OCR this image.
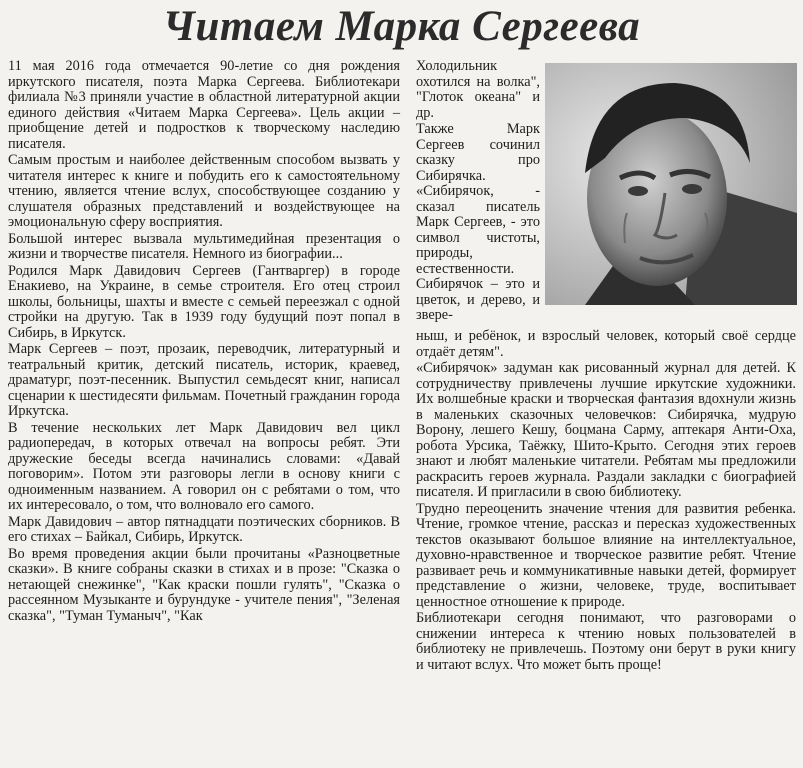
Читаем Марка Сергеева

11 мая 2016 года отмечается 90-летие со дня рождения иркутского писателя, поэта Марка Сергеева. Библиотекари филиала №3 приняли участие в областной литературной акции единого действия «Читаем Марка Сергеева». Цель акции – приобщение детей и подростков к творческому наследию писателя.

Самым простым и наиболее действенным способом вызвать у читателя интерес к книге и побудить его к самостоятельному чтению, является чтение вслух, способствующее созданию у слушателя образных представлений и воздействующее на эмоциональную сферу восприятия.

Большой интерес вызвала мультимедийная презентация о жизни и творчестве писателя. Немного из биографии...

Родился Марк Давидович Сергеев (Гантваргер) в городе Енакиево, на Украине, в семье строителя. Его отец строил школы, больницы, шахты и вместе с семьей переезжал с одной стройки на другую. Так в 1939 году будущий поэт попал в Сибирь, в Иркутск.

Марк Сергеев – поэт, прозаик, переводчик, литературный и театральный критик, детский писатель, историк, краевед, драматург, поэт-песенник. Выпустил семьдесят книг, написал сценарии к шестидесяти фильмам. Почетный гражданин города Иркутска.

В течение нескольких лет Марк Давидович вел цикл радиопередач, в которых отвечал на вопросы ребят. Эти дружеские беседы всегда начинались словами: «Давай поговорим». Потом эти разговоры легли в основу книги с одноименным названием. А говорил он с ребятами о том, что их интересовало, о том, что волновало его самого.

Марк Давидович – автор пятнадцати поэтических сборников. В его стихах – Байкал, Сибирь, Иркутск.

Во время проведения акции были прочитаны «Разноцветные сказки». В книге собраны сказки в стихах и в прозе: "Сказка о нетающей снежинке", "Как краски пошли гулять", "Сказка о рассеянном Музыканте и бурундуке - учителе пения", "Зеленая сказка", "Туман Туманыч", "Как

Холодильник охотился на волка", "Глоток океана" и др.

Также Марк Сергеев сочинил сказку про Сибирячка. «Сибирячок, - сказал писатель Марк Сергеев, - это символ чистоты, природы, естественности. Сибирячок – это и цветок, и дерево, и звере-

ныш, и ребёнок, и взрослый человек, который своё сердце отдаёт детям".

«Сибирячок» задуман как рисованный журнал для детей. К сотрудничеству привлечены лучшие иркутские художники. Их волшебные краски и творческая фантазия вдохнули жизнь в маленьких сказочных человечков: Сибирячка, мудрую Ворону, лешего Кешу, боцмана Сарму, аптекаря Анти-Оха, робота Урсика, Таёжку, Шито-Крыто. Сегодня этих героев знают и любят маленькие читатели. Ребятам мы предложили раскрасить героев журнала. Раздали закладки с биографией писателя. И пригласили в свою библиотеку.

Трудно переоценить значение чтения для развития ребенка. Чтение, громкое чтение, рассказ и пересказ художественных текстов оказывают большое влияние на интеллектуальное, духовно-нравственное и творческое развитие ребят. Чтение развивает речь и коммуникативные навыки детей, формирует представление о жизни, человеке, труде, воспитывает ценностное отношение к природе.

Библиотекари сегодня понимают, что разговорами о снижении интереса к чтению новых пользователей в библиотеку не привлечешь. Поэтому они берут в руки книгу и читают вслух. Что может быть проще!
